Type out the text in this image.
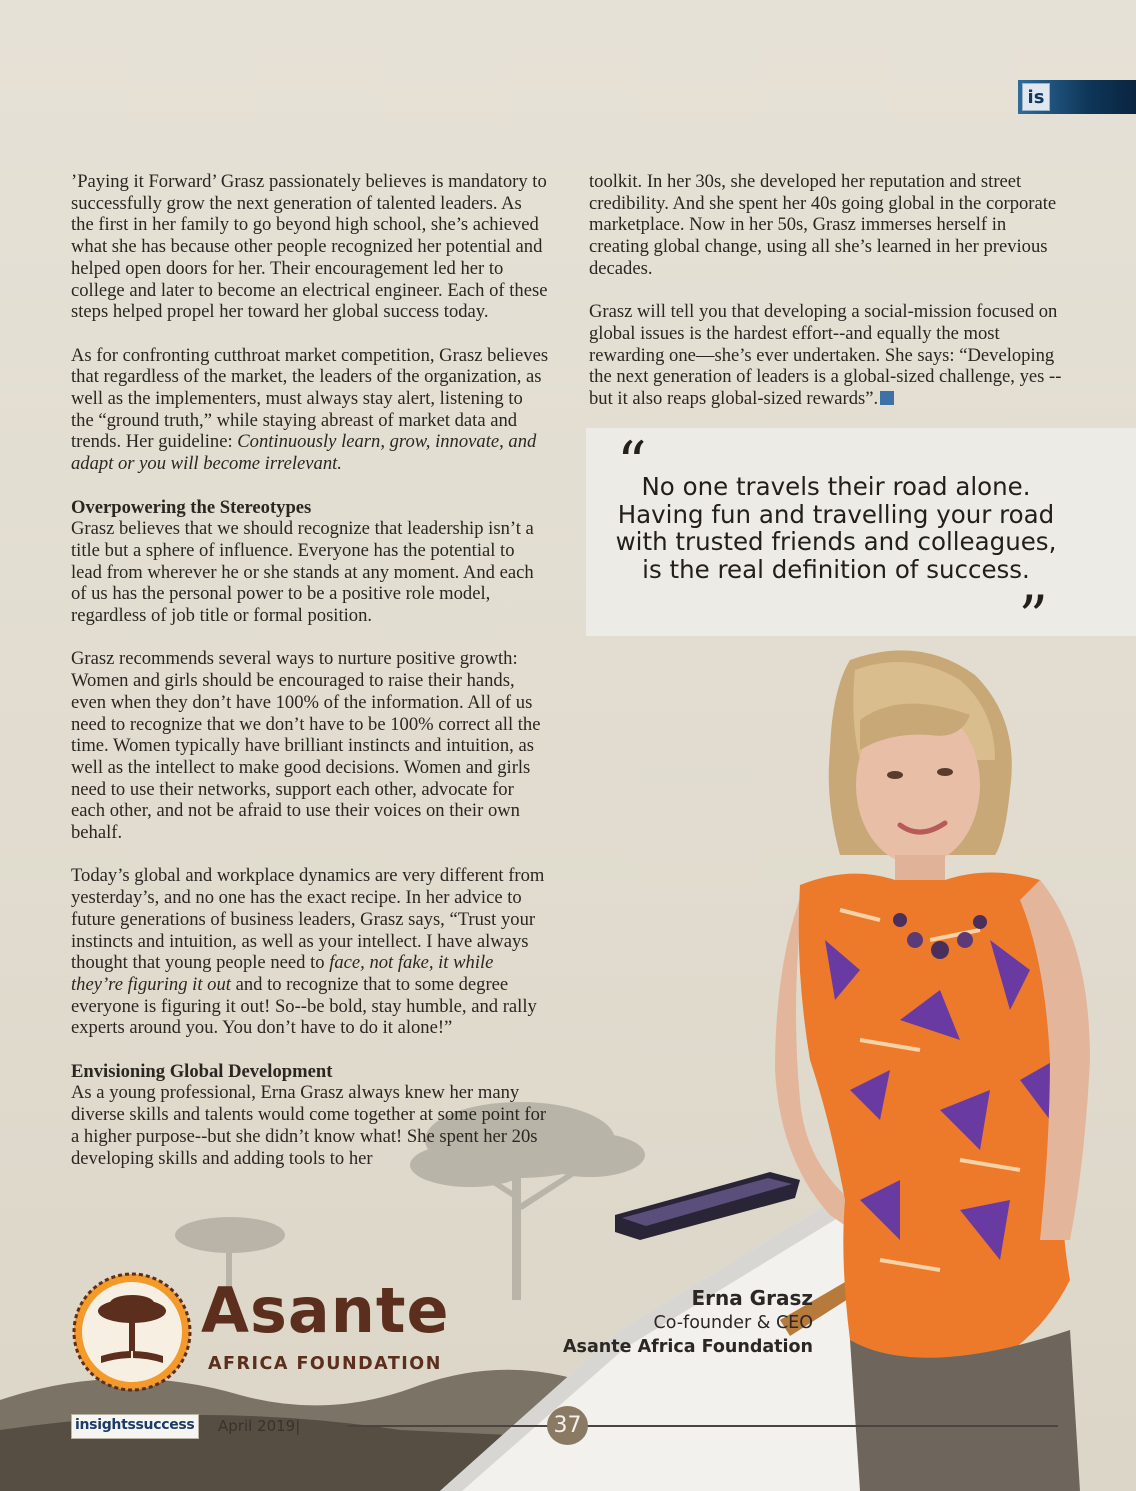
is

’Paying it Forward’ Grasz passionately believes is mandatory to successfully grow the next generation of talented leaders. As the first in her family to go beyond high school, she’s achieved what she has because other people recognized her potential and helped open doors for her. Their encouragement led her to college and later to become an electrical engineer. Each of these steps helped propel her toward her global success today.

As for confronting cutthroat market competition, Grasz believes that regardless of the market, the leaders of the organization, as well as the implementers, must always stay alert, listening to the “ground truth,” while staying abreast of market data and trends. Her guideline: Continuously learn, grow, innovate, and adapt or you will become irrelevant.

Overpowering the Stereotypes

Grasz believes that we should recognize that leadership isn’t a title but a sphere of influence. Everyone has the potential to lead from wherever he or she stands at any moment. And each of us has the personal power to be a positive role model, regardless of job title or formal position.

Grasz recommends several ways to nurture positive growth: Women and girls should be encouraged to raise their hands, even when they don’t have 100% of the information. All of us need to recognize that we don’t have to be 100% correct all the time. Women typically have brilliant instincts and intuition, as well as the intellect to make good decisions. Women and girls need to use their networks, support each other, advocate for each other, and not be afraid to use their voices on their own behalf.

Today’s global and workplace dynamics are very different from yesterday’s, and no one has the exact recipe. In her advice to future generations of business leaders, Grasz says, “Trust your instincts and intuition, as well as your intellect. I have always thought that young people need to face, not fake, it while they’re figuring it out and to recognize that to some degree everyone is figuring it out! So--be bold, stay humble, and rally experts around you. You don’t have to do it alone!”

Envisioning Global Development

As a young professional, Erna Grasz always knew her many diverse skills and talents would come together at some point for a higher purpose--but she didn’t know what! She spent her 20s developing skills and adding tools to her

toolkit. In her 30s, she developed her reputation and street credibility. And she spent her 40s going global in the corporate marketplace. Now in her 50s, Grasz immerses herself in creating global change, using all she’s learned in her previous decades.

Grasz will tell you that developing a social-mission focused on global issues is the hardest effort--and equally the most rewarding one—she’s ever undertaken. She says: “Developing the next generation of leaders is a global-sized challenge, yes --but it also reaps global-sized rewards”.

“
No one travels their road alone.
Having fun and travelling your road
with trusted friends and colleagues,
is the real definition of success.
”
Erna Grasz
Co-founder & CEO
Asante Africa Foundation
Asante
AFRICA FOUNDATION
insightssuccess	April 2019|	37
